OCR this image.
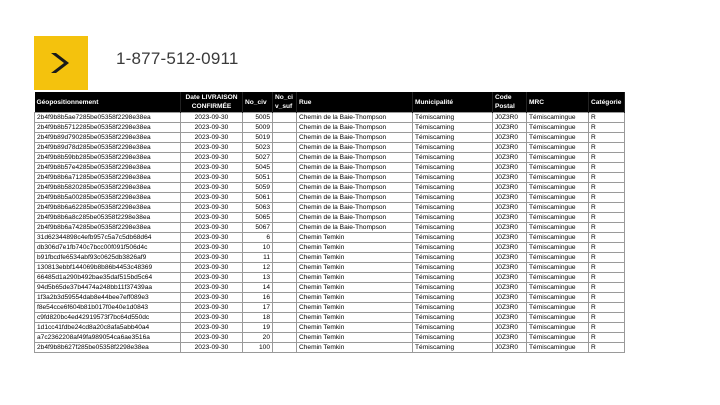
1-877-512-0911
Géopositionnement	Date LIVRAISON CONFIRMÉE	No_civ	No_ci v_suf	Rue	Municipalité	Code Postal	MRC	Catégorie
2b4f9b8b5ae7285be05358f2298e38ea	2023-09-30	5005		Chemin de la Baie-Thompson	Témiscaming	J0Z3R0	Témiscamingue	R
2b4f9b8b5712285be05358f2298e38ea	2023-09-30	5009		Chemin de la Baie-Thompson	Témiscaming	J0Z3R0	Témiscamingue	R
2b4f9b89d790285be05358f2298e38ea	2023-09-30	5019		Chemin de la Baie-Thompson	Témiscaming	J0Z3R0	Témiscamingue	R
2b4f9b89d78d285be05358f2298e38ea	2023-09-30	5023		Chemin de la Baie-Thompson	Témiscaming	J0Z3R0	Témiscamingue	R
2b4f9b8b59bb285be05358f2298e38ea	2023-09-30	5027		Chemin de la Baie-Thompson	Témiscaming	J0Z3R0	Témiscamingue	R
2b4f9b8b57e4285be05358f2298e38ea	2023-09-30	5045		Chemin de la Baie-Thompson	Témiscaming	J0Z3R0	Témiscamingue	R
2b4f9b8b6a71285be05358f2298e38ea	2023-09-30	5051		Chemin de la Baie-Thompson	Témiscaming	J0Z3R0	Témiscamingue	R
2b4f9b8b5820285be05358f2298e38ea	2023-09-30	5059		Chemin de la Baie-Thompson	Témiscaming	J0Z3R0	Témiscamingue	R
2b4f9b8b5a00285be05358f2298e38ea	2023-09-30	5061		Chemin de la Baie-Thompson	Témiscaming	J0Z3R0	Témiscamingue	R
2b4f9b8b6a62285be05358f2298e38ea	2023-09-30	5063		Chemin de la Baie-Thompson	Témiscaming	J0Z3R0	Témiscamingue	R
2b4f9b8b6a8c285be05358f2298e38ea	2023-09-30	5065		Chemin de la Baie-Thompson	Témiscaming	J0Z3R0	Témiscamingue	R
2b4f9b8b6a74285be05358f2298e38ea	2023-09-30	5067		Chemin de la Baie-Thompson	Témiscaming	J0Z3R0	Témiscamingue	R
31d62344898c4efb957c5a7c5db68d64	2023-09-30	6		Chemin Temkin	Témiscaming	J0Z3R0	Témiscamingue	R
db306d7e1fb740c7bcc00f091f506d4c	2023-09-30	10		Chemin Temkin	Témiscaming	J0Z3R0	Témiscamingue	R
b91fbcdfe6534abf93c0625db3826af9	2023-09-30	11		Chemin Temkin	Témiscaming	J0Z3R0	Témiscamingue	R
130813ebbf144069b8b86b4453c48369	2023-09-30	12		Chemin Temkin	Témiscaming	J0Z3R0	Témiscamingue	R
66485d1a290b492bae35daf515bd5c64	2023-09-30	13		Chemin Temkin	Témiscaming	J0Z3R0	Témiscamingue	R
94d5b65de37b4474a248bb11f37439aa	2023-09-30	14		Chemin Temkin	Témiscaming	J0Z3R0	Témiscamingue	R
1f3a2b3d59554dab8e44bee7eff089e3	2023-09-30	16		Chemin Temkin	Témiscaming	J0Z3R0	Témiscamingue	R
f8e54cce6f604b81b017f0e40e1d0843	2023-09-30	17		Chemin Temkin	Témiscaming	J0Z3R0	Témiscamingue	R
c9fd820bc4ed42919573f7bc64d550dc	2023-09-30	18		Chemin Temkin	Témiscaming	J0Z3R0	Témiscamingue	R
1d1cc41fdbe24cd8a20c8afa5abb40a4	2023-09-30	19		Chemin Temkin	Témiscaming	J0Z3R0	Témiscamingue	R
a7c2362208af49fa989054ca6ae3516a	2023-09-30	20		Chemin Temkin	Témiscaming	J0Z3R0	Témiscamingue	R
2b4f9b8b627f285be05358f2298e38ea	2023-09-30	100		Chemin Temkin	Témiscaming	J0Z3R0	Témiscamingue	R
